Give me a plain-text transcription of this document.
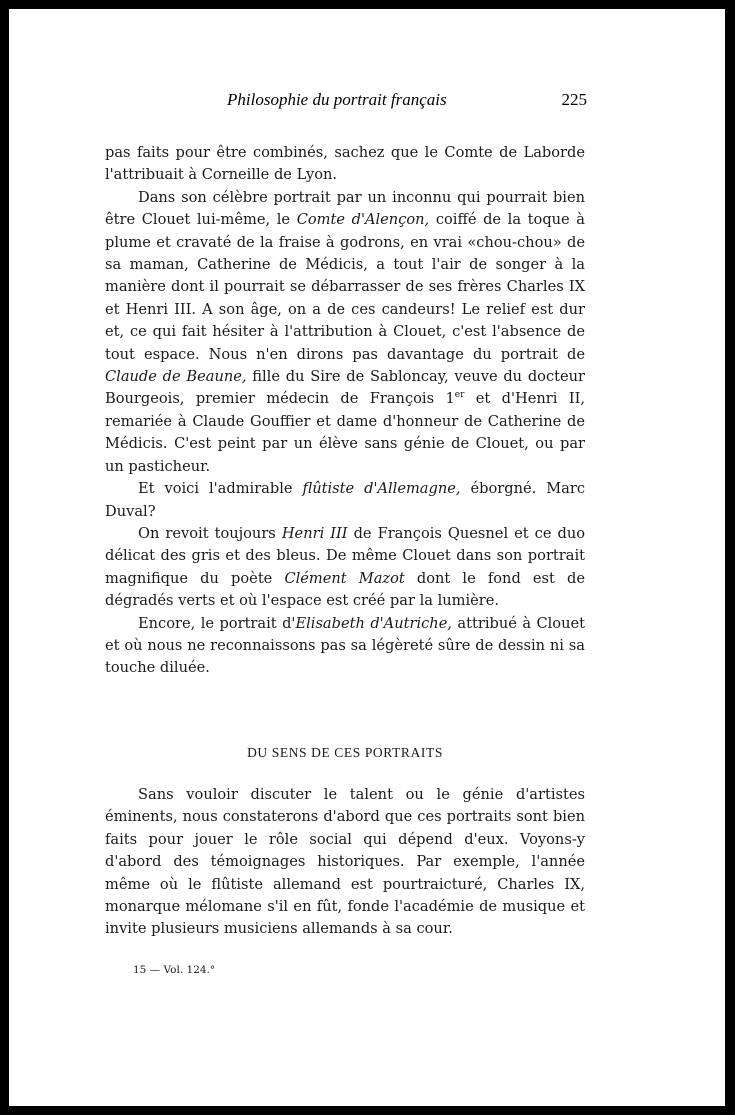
Philosophie du portrait français	225

pas faits pour être combinés, sachez que le Comte de Laborde l'attribuait à Corneille de Lyon.

Dans son célèbre portrait par un inconnu qui pourrait bien être Clouet lui-même, le Comte d'Alençon, coiffé de la toque à plume et cravaté de la fraise à godrons, en vrai «chou-chou» de sa maman, Catherine de Médicis, a tout l'air de songer à la manière dont il pourrait se débarrasser de ses frères Charles IX et Henri III. A son âge, on a de ces candeurs! Le relief est dur et, ce qui fait hésiter à l'attribution à Clouet, c'est l'absence de tout espace. Nous n'en dirons pas davantage du portrait de Claude de Beaune, fille du Sire de Sabloncay, veuve du docteur Bourgeois, premier médecin de François 1er et d'Henri II, remariée à Claude Gouffier et dame d'honneur de Catherine de Médicis. C'est peint par un élève sans génie de Clouet, ou par un pasticheur.

Et voici l'admirable flûtiste d'Allemagne, éborgné. Marc Duval?

On revoit toujours Henri III de François Quesnel et ce duo délicat des gris et des bleus. De même Clouet dans son portrait magnifique du poète Clément Mazot dont le fond est de dégradés verts et où l'espace est créé par la lumière.

Encore, le portrait d'Elisabeth d'Autriche, attribué à Clouet et où nous ne reconnaissons pas sa légèreté sûre de dessin ni sa touche diluée.

DU SENS DE CES PORTRAITS

Sans vouloir discuter le talent ou le génie d'artistes éminents, nous constaterons d'abord que ces portraits sont bien faits pour jouer le rôle social qui dépend d'eux. Voyons-y d'abord des témoignages historiques. Par exemple, l'année même où le flûtiste allemand est pourtraicturé, Charles IX, monarque mélomane s'il en fût, fonde l'académie de musique et invite plusieurs musiciens allemands à sa cour.

15 — Vol. 124.°
